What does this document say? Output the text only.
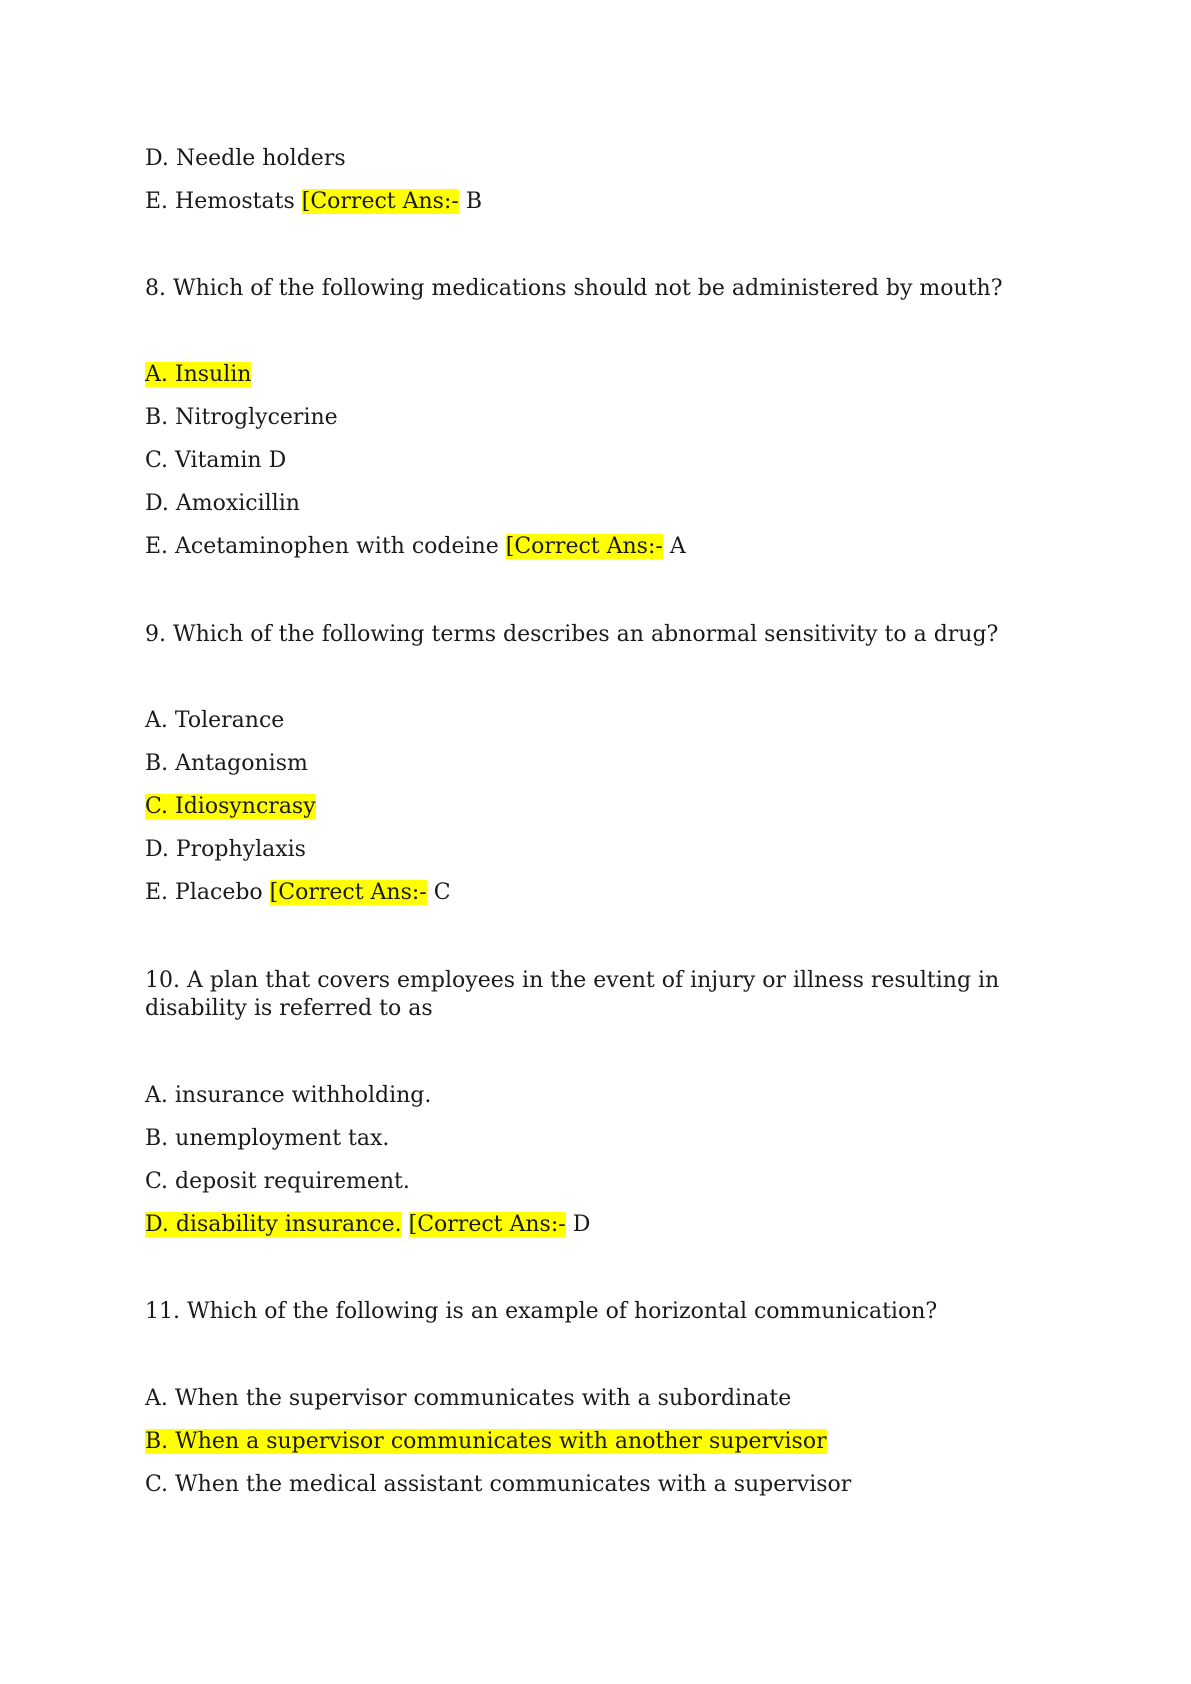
D. Needle holders
E. Hemostats [Correct Ans:- B
8. Which of the following medications should not be administered by mouth?
A. Insulin
B. Nitroglycerine
C. Vitamin D
D. Amoxicillin
E. Acetaminophen with codeine [Correct Ans:- A
9. Which of the following terms describes an abnormal sensitivity to a drug?
A. Tolerance
B. Antagonism
C. Idiosyncrasy
D. Prophylaxis
E. Placebo [Correct Ans:- C
10. A plan that covers employees in the event of injury or illness resulting in disability is referred to as
A. insurance withholding.
B. unemployment tax.
C. deposit requirement.
D. disability insurance. [Correct Ans:- D
11. Which of the following is an example of horizontal communication?
A. When the supervisor communicates with a subordinate
B. When a supervisor communicates with another supervisor
C. When the medical assistant communicates with a supervisor
